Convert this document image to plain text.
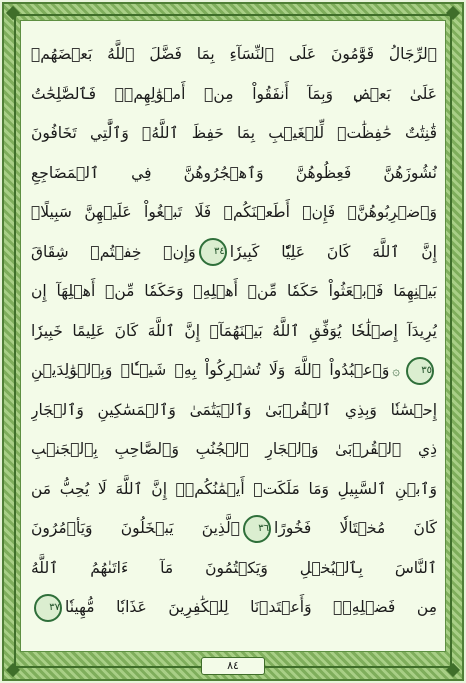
ٱلرِّجَالُ قَوَّٰمُونَ عَلَى ٱلنِّسَآءِ بِمَا فَضَّلَ ٱللَّهُ بَعۡضَهُمۡ
عَلَىٰ بَعۡضٖ وَبِمَآ أَنفَقُواْ مِنۡ أَمۡوَٰلِهِمۡۚ فَٱلصَّٰلِحَٰتُ
قَٰنِتَٰتٌ حَٰفِظَٰتٞ لِّلۡغَيۡبِ بِمَا حَفِظَ ٱللَّهُۚ وَٱلَّٰتِي تَخَافُونَ
نُشُوزَهُنَّ فَعِظُوهُنَّ وَٱهۡجُرُوهُنَّ فِي ٱلۡمَضَاجِعِ
وَٱضۡرِبُوهُنَّۖ فَإِنۡ أَطَعۡنَكُمۡ فَلَا تَبۡغُواْ عَلَيۡهِنَّ سَبِيلًاۗ
إِنَّ ٱللَّهَ كَانَ عَلِيّٗا كَبِيرٗا٣٤وَإِنۡ خِفۡتُمۡ شِقَاقَ
بَيۡنِهِمَا فَٱبۡعَثُواْ حَكَمٗا مِّنۡ أَهۡلِهِۦ وَحَكَمٗا مِّنۡ أَهۡلِهَآ إِن
يُرِيدَآ إِصۡلَٰحٗا يُوَفِّقِ ٱللَّهُ بَيۡنَهُمَآۗ إِنَّ ٱللَّهَ كَانَ عَلِيمًا خَبِيرٗا
٣٥۞وَٱعۡبُدُواْ ٱللَّهَ وَلَا تُشۡرِكُواْ بِهِۦ شَيۡـٔٗاۖ وَبِٱلۡوَٰلِدَيۡنِ
إِحۡسَٰنٗا وَبِذِي ٱلۡقُرۡبَىٰ وَٱلۡيَتَٰمَىٰ وَٱلۡمَسَٰكِينِ وَٱلۡجَارِ
ذِي ٱلۡقُرۡبَىٰ وَٱلۡجَارِ ٱلۡجُنُبِ وَٱلصَّاحِبِ بِٱلۡجَنۢبِ
وَٱبۡنِ ٱلسَّبِيلِ وَمَا مَلَكَتۡ أَيۡمَٰنُكُمۡۗ إِنَّ ٱللَّهَ لَا يُحِبُّ مَن
كَانَ مُخۡتَالٗا فَخُورًا٣٦ٱلَّذِينَ يَبۡخَلُونَ وَيَأۡمُرُونَ
ٱلنَّاسَ بِٱلۡبُخۡلِ وَيَكۡتُمُونَ مَآ ءَاتَىٰهُمُ ٱللَّهُ
مِن فَضۡلِهِۦۗ وَأَعۡتَدۡنَا لِلۡكَٰفِرِينَ عَذَابٗا مُّهِينٗا٣٧
٨٤
